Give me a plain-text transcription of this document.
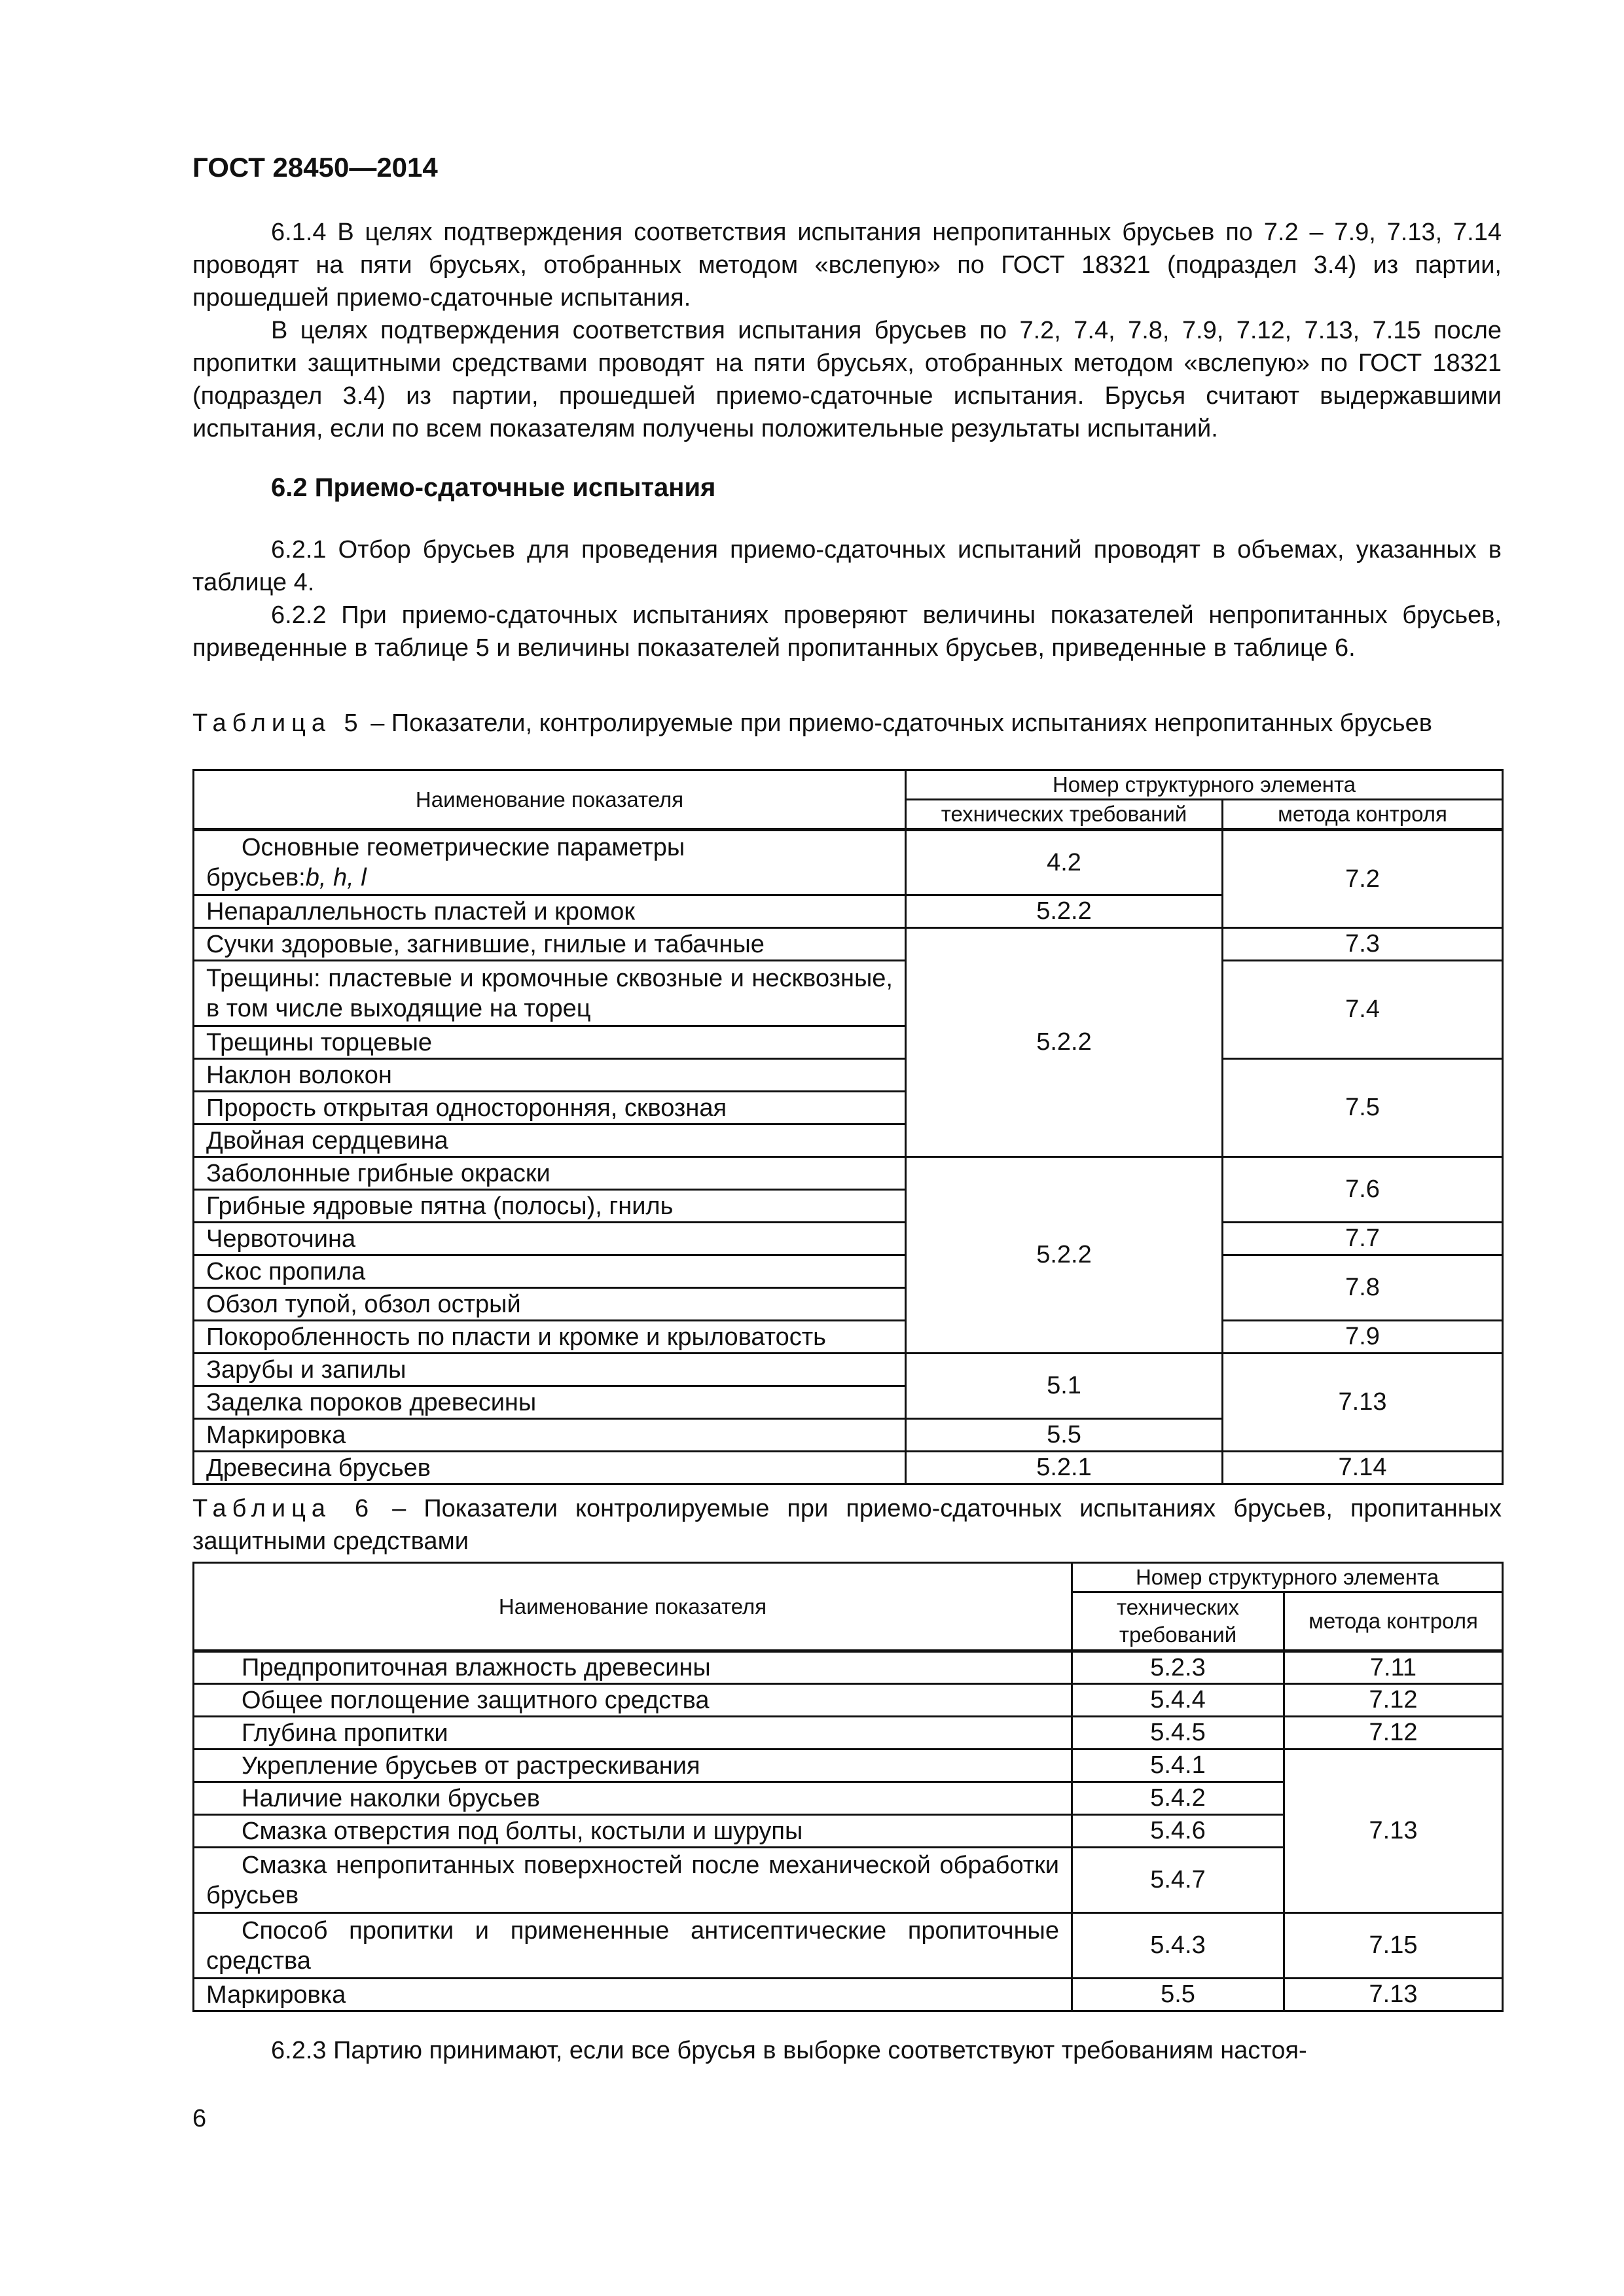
ГОСТ 28450—2014

6.1.4 В целях подтверждения соответствия испытания непропитанных брусьев по 7.2 – 7.9, 7.13, 7.14 проводят на пяти брусьях, отобранных методом «вслепую» по ГОСТ 18321 (подраздел 3.4) из партии, прошедшей приемо-сдаточные испытания.

В целях подтверждения соответствия испытания брусьев по 7.2, 7.4, 7.8, 7.9, 7.12, 7.13, 7.15 после пропитки защитными средствами проводят на пяти брусьях, отобранных методом «вслепую» по ГОСТ 18321 (подраздел 3.4) из партии, прошедшей приемо-сдаточные испытания. Брусья считают выдержавшими испытания, если по всем показателям получены положительные результаты испытаний.

6.2 Приемо-сдаточные испытания

6.2.1 Отбор брусьев для проведения приемо-сдаточных испытаний проводят в объемах, указанных в таблице 4.

6.2.2 При приемо-сдаточных испытаниях проверяют величины показателей непропитанных брусьев, приведенные в таблице 5 и величины показателей пропитанных брусьев, приведенные в таблице 6.

Таблица 5 – Показатели, контролируемые при приемо-сдаточных испытаниях непропитанных брусьев
Наименование показателя	Номер структурного элемента	
	технических требований	метода контроля
Основные геометрические параметры
брусьев:b, h, l	4.2	7.2
Непараллельность пластей и кромок	5.2.2	
Сучки здоровые, загнившие, гнилые и табачные	5.2.2	7.3
Трещины: пластевые и кромочные сквозные и несквозные, в том числе выходящие на торец		7.4
Трещины торцевые		
Наклон волокон		7.5
Прорость открытая односторонняя, сквозная		
Двойная сердцевина		
Заболонные грибные окраски	5.2.2	7.6
Грибные ядровые пятна (полосы), гниль		
Червоточина		7.7
Скос пропила		7.8
Обзол тупой, обзол острый		
Покоробленность по пласти и кромке и крыловатость		7.9
Зарубы и запилы	5.1	7.13
Заделка пороков древесины		
Маркировка	5.5	
Древесина брусьев	5.2.1	7.14
Таблица 6 – Показатели контролируемые при приемо-сдаточных испытаниях брусьев, пропитанных защитными средствами
Наименование показателя	Номер структурного элемента	
	технических требований	метода контроля
Предпропиточная влажность древесины	5.2.3	7.11
Общее поглощение защитного средства	5.4.4	7.12
Глубина пропитки	5.4.5	7.12
Укрепление брусьев от растрескивания	5.4.1	7.13
Наличие наколки брусьев	5.4.2	
Смазка отверстия под болты, костыли и шурупы	5.4.6	
Смазка непропитанных поверхностей после механической обработки брусьев	5.4.7	
Способ пропитки и примененные антисептические пропиточные средства	5.4.3	7.15
Маркировка	5.5	7.13

6.2.3 Партию принимают, если все брусья в выборке соответствуют требованиям настоя-

6
